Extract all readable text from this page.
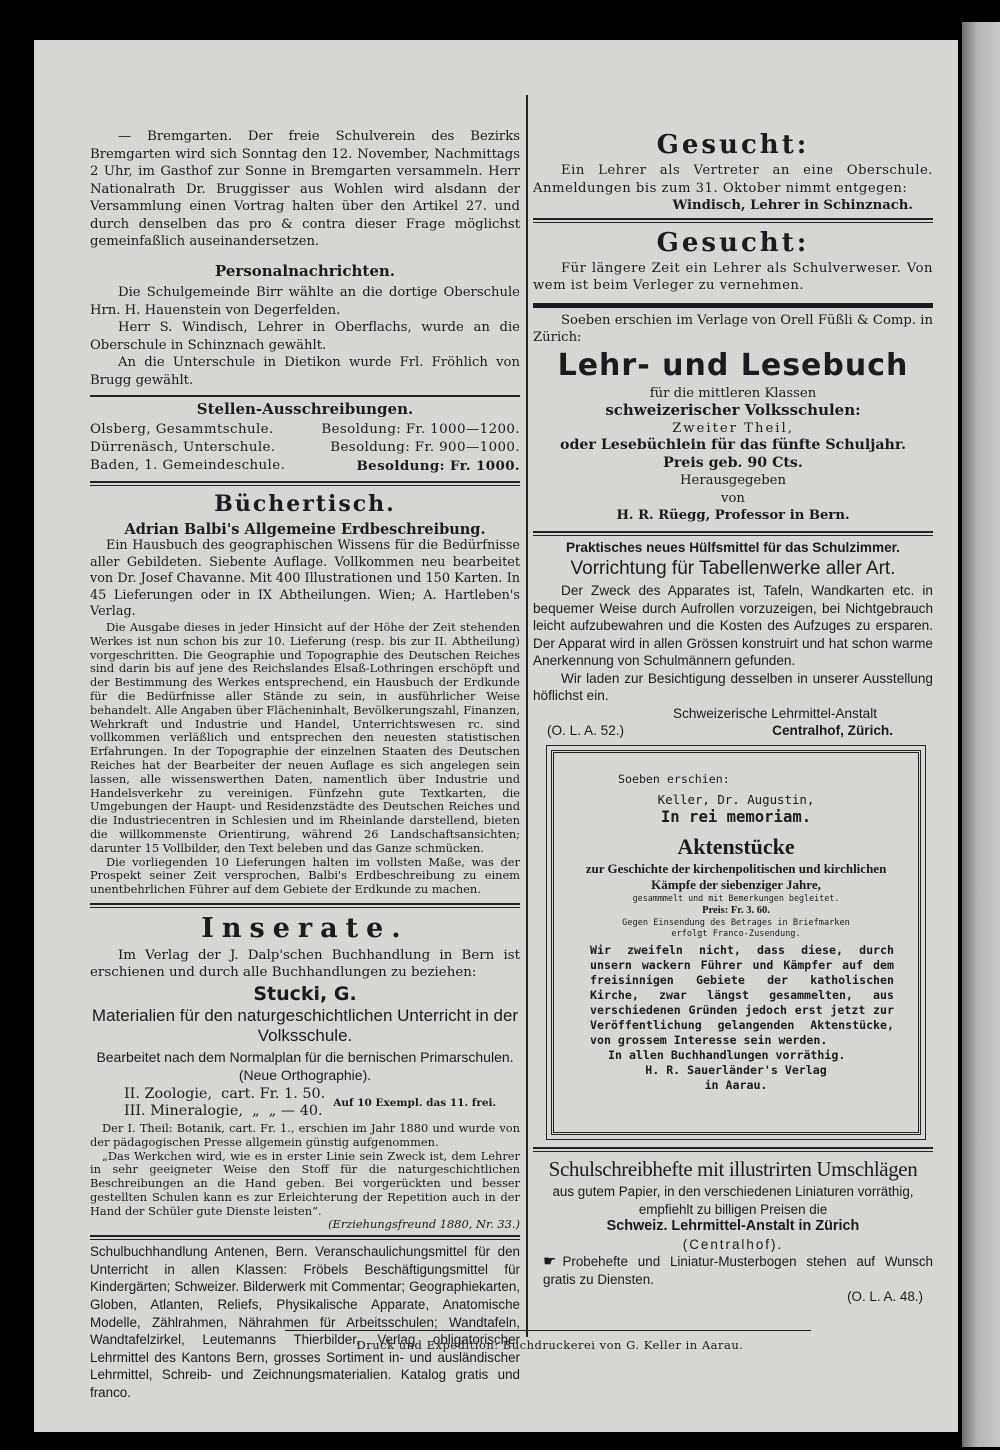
— Bremgarten. Der freie Schulverein des Bezirks Bremgarten wird sich Sonntag den 12. November, Nachmittags 2 Uhr, im Gasthof zur Sonne in Bremgarten versammeln. Herr Nationalrath Dr. Bruggisser aus Wohlen wird alsdann der Versammlung einen Vortrag halten über den Artikel 27. und durch denselben das pro & contra dieser Frage möglichst gemeinfaßlich auseinandersetzen.

Personalnachrichten.

Die Schulgemeinde Birr wählte an die dortige Oberschule Hrn. H. Hauenstein von Degerfelden.

Herr S. Windisch, Lehrer in Oberflachs, wurde an die Oberschule in Schinznach gewählt.

An die Unterschule in Dietikon wurde Frl. Fröhlich von Brugg gewählt.

Stellen-Ausschreibungen.

Olsberg, Gesammtschule.	Besoldung: Fr. 1000—1200.
Dürrenäsch, Unterschule.	Besoldung: Fr. 900—1000.
Baden, 1. Gemeindeschule.	Besoldung: Fr. 1000.

Büchertisch.

Adrian Balbi's Allgemeine Erdbeschreibung.

Ein Hausbuch des geographischen Wissens für die Bedürfnisse aller Gebildeten. Siebente Auflage. Vollkommen neu bearbeitet von Dr. Josef Chavanne. Mit 400 Illustrationen und 150 Karten. In 45 Lieferungen oder in IX Abtheilungen. Wien; A. Hartleben's Verlag.

Die Ausgabe dieses in jeder Hinsicht auf der Höhe der Zeit stehenden Werkes ist nun schon bis zur 10. Lieferung (resp. bis zur II. Abtheilung) vorgeschritten. Die Geographie und Topographie des Deutschen Reiches sind darin bis auf jene des Reichslandes Elsaß-Lothringen erschöpft und der Bestimmung des Werkes entsprechend, ein Hausbuch der Erdkunde für die Bedürfnisse aller Stände zu sein, in ausführlicher Weise behandelt. Alle Angaben über Flächeninhalt, Bevölkerungszahl, Finanzen, Wehrkraft und Industrie und Handel, Unterrichtswesen rc. sind vollkommen verläßlich und entsprechen den neuesten statistischen Erfahrungen. In der Topographie der einzelnen Staaten des Deutschen Reiches hat der Bearbeiter der neuen Auflage es sich angelegen sein lassen, alle wissenswerthen Daten, namentlich über Industrie und Handelsverkehr zu vereinigen. Fünfzehn gute Textkarten, die Umgebungen der Haupt- und Residenzstädte des Deutschen Reiches und die Industriecentren in Schlesien und im Rheinlande darstellend, bieten die willkommenste Orientirung, während 26 Landschaftsansichten; darunter 15 Vollbilder, den Text beleben und das Ganze schmücken.

Die vorliegenden 10 Lieferungen halten im vollsten Maße, was der Prospekt seiner Zeit versprochen, Balbi's Erdbeschreibung zu einem unentbehrlichen Führer auf dem Gebiete der Erdkunde zu machen.

Inserate.

Im Verlag der J. Dalp'schen Buchhandlung in Bern ist erschienen und durch alle Buchhandlungen zu beziehen:

Stucki, G.

Materialien für den naturgeschichtlichen Unterricht in der Volksschule.

Bearbeitet nach dem Normalplan für die bernischen Primarschulen. (Neue Orthographie).

II. Zoologie,  cart. Fr. 1. 50.
III. Mineralogie,  „  „ — 40. Auf 10 Exempl. das 11. frei.

Der I. Theil: Botanik, cart. Fr. 1., erschien im Jahr 1880 und wurde von der pädagogischen Presse allgemein günstig aufgenommen.

„Das Werkchen wird, wie es in erster Linie sein Zweck ist, dem Lehrer in sehr geeigneter Weise den Stoff für die naturgeschichtlichen Beschreibungen an die Hand geben. Bei vorgerückten und besser gestellten Schulen kann es zur Erleichterung der Repetition auch in der Hand der Schüler gute Dienste leisten“.

(Erziehungsfreund 1880, Nr. 33.)

Schulbuchhandlung Antenen, Bern. Veranschaulichungsmittel für den Unterricht in allen Klassen: Fröbels Beschäftigungsmittel für Kindergärten; Schweizer. Bilderwerk mit Commentar; Geographiekarten, Globen, Atlanten, Reliefs, Physikalische Apparate, Anatomische Modelle, Zählrahmen, Nährahmen für Arbeitsschulen; Wandtafeln, Wandtafelzirkel, Leutemanns Thierbilder, Verlag obligatorischer Lehrmittel des Kantons Bern, grosses Sortiment in- und ausländischer Lehrmittel, Schreib- und Zeichnungsmaterialien. Katalog gratis und franco.

Gesucht:

Ein Lehrer als Vertreter an eine Oberschule. Anmeldungen bis zum 31. Oktober nimmt entgegen:

Windisch, Lehrer in Schinznach.

Gesucht:

Für längere Zeit ein Lehrer als Schulverweser. Von wem ist beim Verleger zu vernehmen.

Soeben erschien im Verlage von Orell Füßli & Comp. in Zürich:

Lehr- und Lesebuch

für die mittleren Klassen

schweizerischer Volksschulen:

Zweiter Theil,

oder Lesebüchlein für das fünfte Schuljahr.

Preis geb. 90 Cts.

Herausgegeben

von

H. R. Rüegg, Professor in Bern.

Praktisches neues Hülfsmittel für das Schulzimmer.

Vorrichtung für Tabellenwerke aller Art.

Der Zweck des Apparates ist, Tafeln, Wandkarten etc. in bequemer Weise durch Aufrollen vorzuzeigen, bei Nichtgebrauch leicht aufzubewahren und die Kosten des Aufzuges zu ersparen. Der Apparat wird in allen Grössen konstruirt und hat schon warme Anerkennung von Schulmännern gefunden.

Wir laden zur Besichtigung desselben in unserer Ausstellung höflichst ein.

Schweizerische Lehrmittel-Anstalt

(O. L. A. 52.)	Centralhof, Zürich.

Soeben erschien:

Keller, Dr. Augustin,

In rei memoriam.

Aktenstücke

zur Geschichte der kirchenpolitischen und kirchlichen Kämpfe der siebenziger Jahre,

gesammmelt und mit Bemerkungen begleitet.

Preis: Fr. 3. 60.

Gegen Einsendung des Betrages in Briefmarken erfolgt Franco-Zusendung.

Wir zweifeln nicht, dass diese, durch unsern wackern Führer und Kämpfer auf dem freisinnigen Gebiete der katholischen Kirche, zwar längst gesammelten, aus verschiedenen Gründen jedoch erst jetzt zur Veröffentlichung gelangenden Aktenstücke, von grossem Interesse sein werden.

In allen Buchhandlungen vorräthig.

H. R. Sauerländer's Verlag

in Aarau.

Schulschreibhefte mit illustrirten Umschlägen

aus gutem Papier, in den verschiedenen Liniaturen vorräthig, empfiehlt zu billigen Preisen die

Schweiz. Lehrmittel-Anstalt in Zürich

(Centralhof).

☛ Probehefte und Liniatur-Musterbogen stehen auf Wunsch gratis zu Diensten.

(O. L. A. 48.)

Druck und Expedition: Buchdruckerei von G. Keller in Aarau.
